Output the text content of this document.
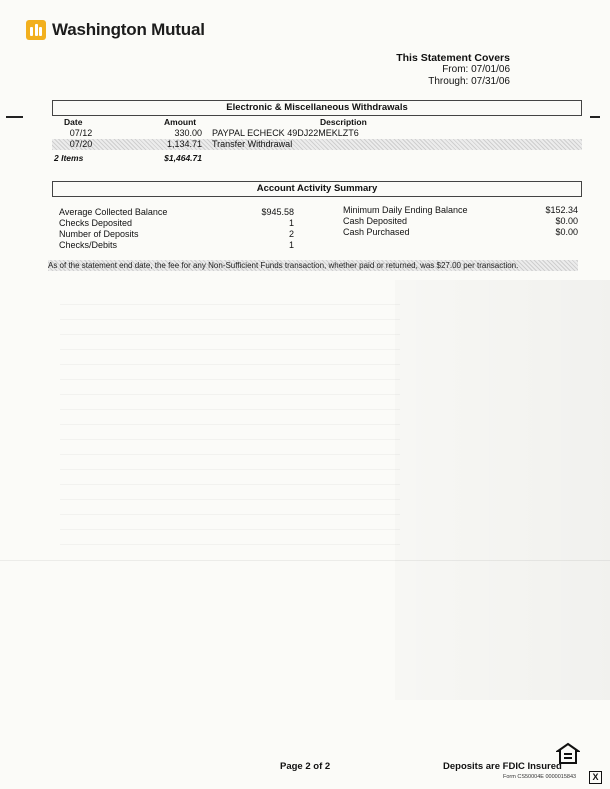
Washington Mutual
This Statement Covers
From: 07/01/06
Through: 07/31/06
Electronic & Miscellaneous Withdrawals
Date	Amount	Description
07/12	330.00 PAYPAL ECHECK 49DJ22MEKLZT6
07/20	1,134.71 Transfer Withdrawal
2 Items	$1,464.71
Account Activity Summary
Average Collected Balance	$945.58
Checks Deposited	1
Number of Deposits	2
Checks/Debits	1
Minimum Daily Ending Balance	$152.34
Cash Deposited	$0.00
Cash Purchased	$0.00
As of the statement end date, the fee for any Non-Sufficient Funds transaction, whether paid or returned, was $27.00 per transaction.
Page 2 of 2	Deposits are FDIC Insured
Form CS50004E 0000015843	X
